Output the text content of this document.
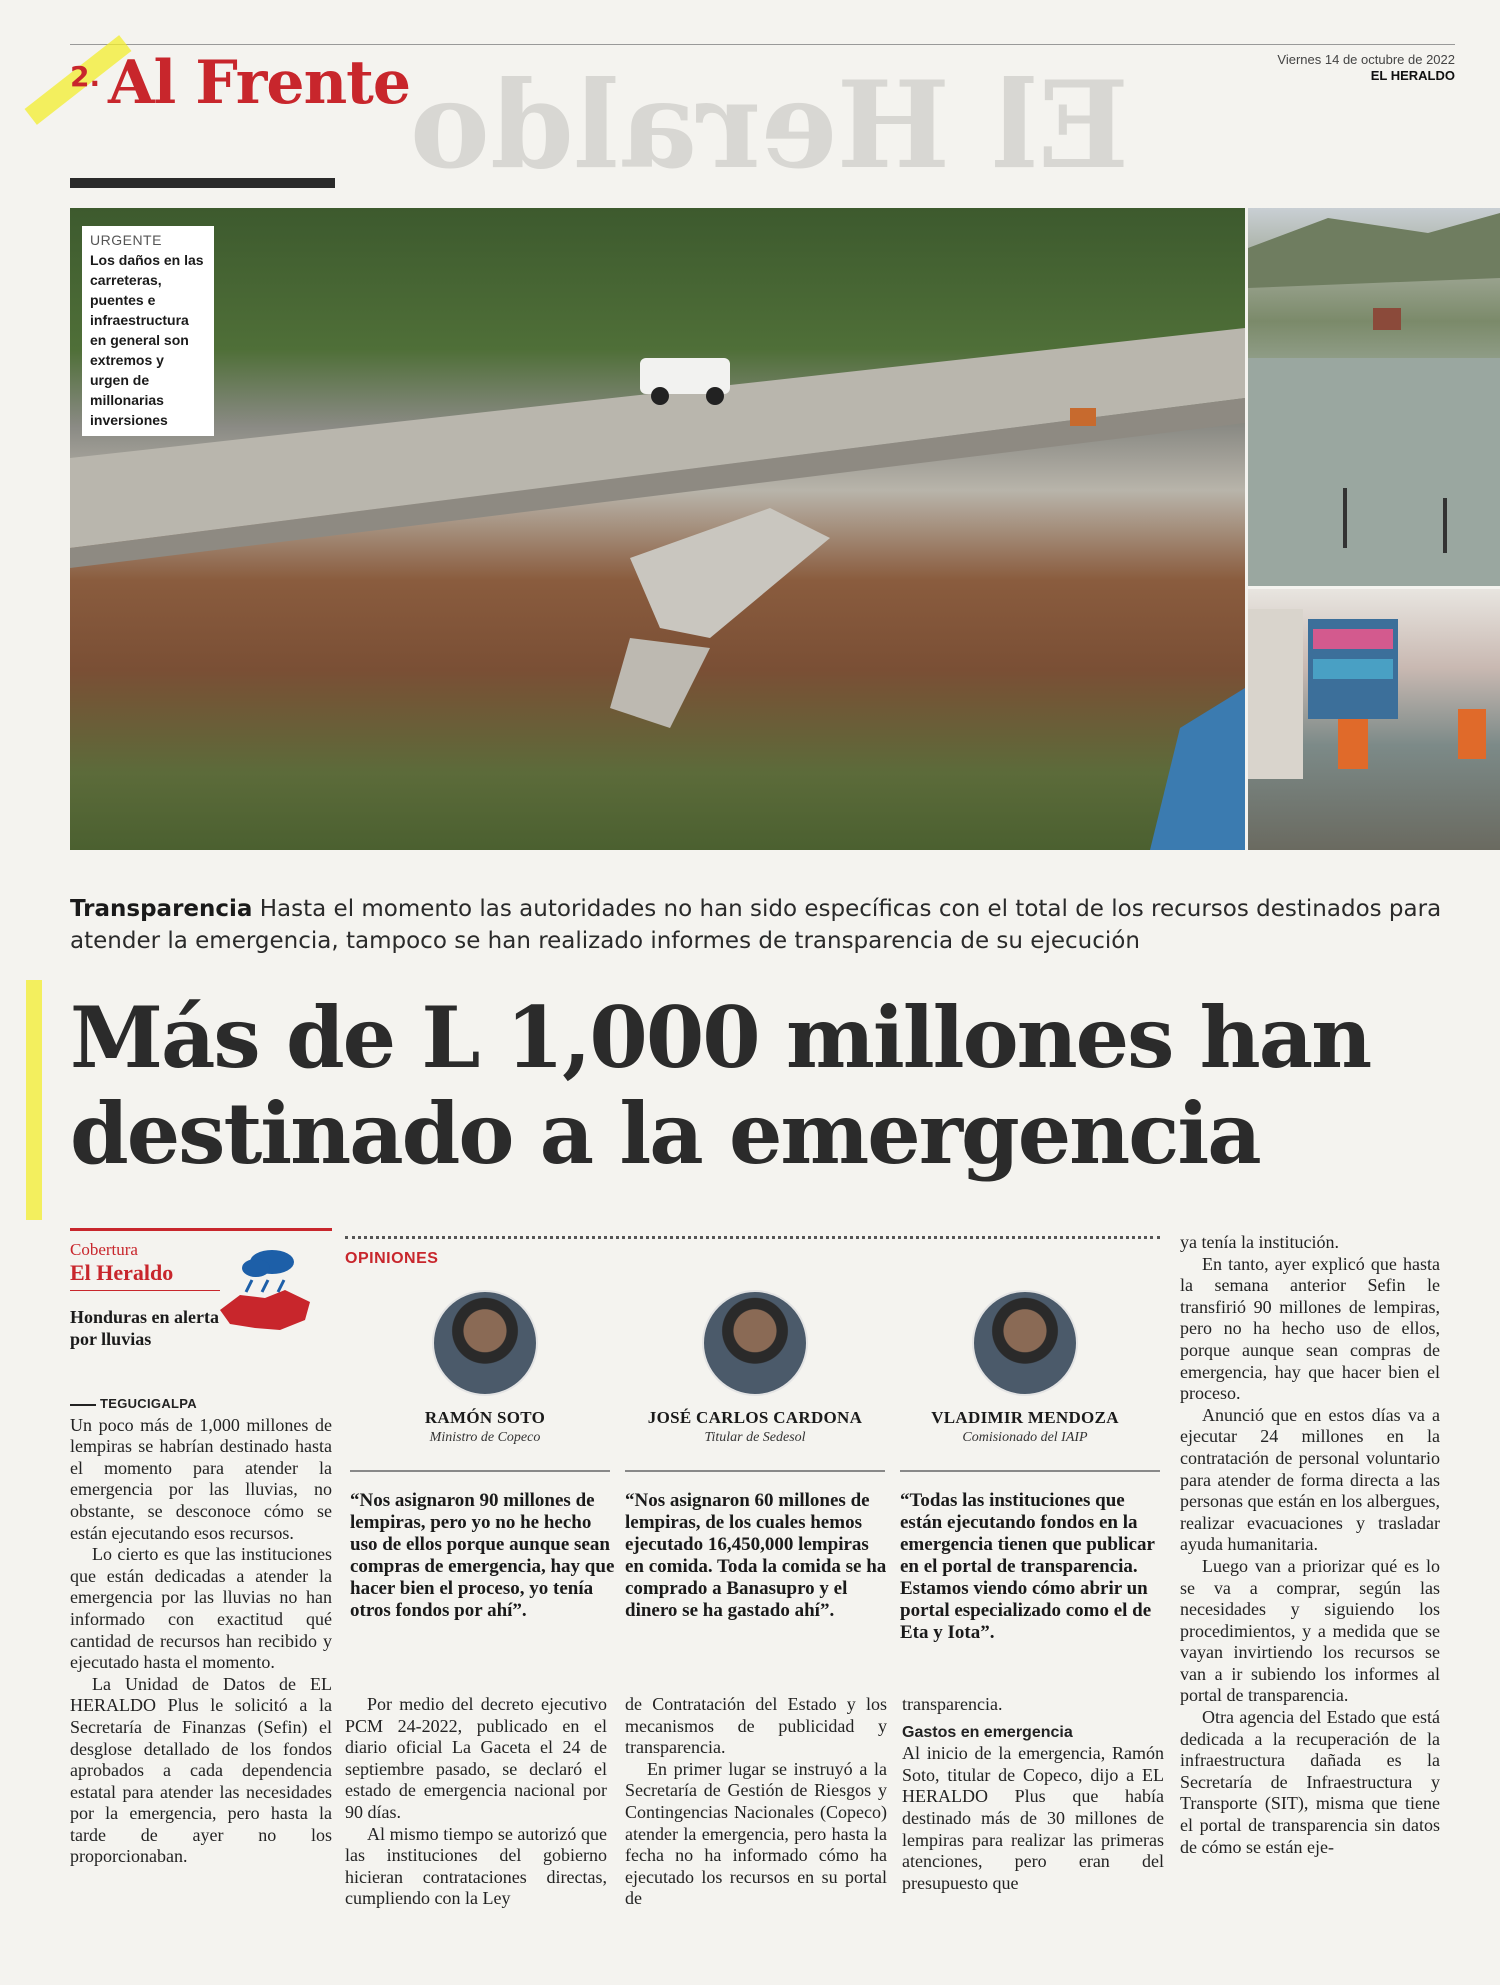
El Heraldo
2. Al Frente	Viernes 14 de octubre de 2022
EL HERALDO
URGENTE
Los daños en las carreteras, puentes e infraestructura en general son extremos y urgen de millonarias inversiones
Transparencia Hasta el momento las autoridades no han sido específicas con el total de los recursos destinados para atender la emergencia, tampoco se han realizado informes de transparencia de su ejecución
Más de L 1,000 millones han
destinado a la emergencia
Cobertura
El Heraldo
Honduras en alerta por lluvias
OPINIONES
RAMÓN SOTO
Ministro de Copeco
JOSÉ CARLOS CARDONA
Titular de Sedesol
VLADIMIR MENDOZA
Comisionado del IAIP
“Nos asignaron 90 millones de lempiras, pero yo no he hecho uso de ellos porque aunque sean compras de emergencia, hay que hacer bien el proceso, yo tenía otros fondos por ahí”.
“Nos asignaron 60 millones de lempiras, de los cuales hemos ejecutado 16,450,000 lempiras en comida. Toda la comida se ha comprado a Banasupro y el dinero se ha gastado ahí”.
“Todas las instituciones que están ejecutando fondos en la emergencia tienen que publicar en el portal de transparencia. Estamos viendo cómo abrir un portal especializado como el de Eta y Iota”.

TEGUCIGALPA

Un poco más de 1,000 millones de lempiras se habrían destinado hasta el momento para atender la emergencia por las lluvias, no obstante, se desconoce cómo se están ejecutando esos recursos.

Lo cierto es que las instituciones que están dedicadas a atender la emergencia por las lluvias no han informado con exactitud qué cantidad de recursos han recibido y ejecutado hasta el momento.

La Unidad de Datos de EL HERALDO Plus le solicitó a la Secretaría de Finanzas (Sefin) el desglose detallado de los fondos aprobados a cada dependencia estatal para atender las necesidades por la emergencia, pero hasta la tarde de ayer no los proporcionaban.

Por medio del decreto ejecutivo PCM 24-2022, publicado en el diario oficial La Gaceta el 24 de septiembre pasado, se declaró el estado de emergencia nacional por 90 días.

Al mismo tiempo se autorizó que las instituciones del gobierno hicieran contrataciones directas, cumpliendo con la Ley

de Contratación del Estado y los mecanismos de publicidad y transparencia.

En primer lugar se instruyó a la Secretaría de Gestión de Riesgos y Contingencias Nacionales (Copeco) atender la emergencia, pero hasta la fecha no ha informado cómo ha ejecutado los recursos en su portal de

transparencia.

Gastos en emergencia

Al inicio de la emergencia, Ramón Soto, titular de Copeco, dijo a EL HERALDO Plus que había destinado más de 30 millones de lempiras para realizar las primeras atenciones, pero eran del presupuesto que

ya tenía la institución.

En tanto, ayer explicó que hasta la semana anterior Sefin le transfirió 90 millones de lempiras, pero no ha hecho uso de ellos, porque aunque sean compras de emergencia, hay que hacer bien el proceso.

Anunció que en estos días va a ejecutar 24 millones en la contratación de personal voluntario para atender de forma directa a las personas que están en los albergues, realizar evacuaciones y trasladar ayuda humanitaria.

Luego van a priorizar qué es lo se va a comprar, según las necesidades y siguiendo los procedimientos, y a medida que se vayan invirtiendo los recursos se van a ir subiendo los informes al portal de transparencia.

Otra agencia del Estado que está dedicada a la recuperación de la infraestructura dañada es la Secretaría de Infraestructura y Transporte (SIT), misma que tiene el portal de transparencia sin datos de cómo se están eje-
